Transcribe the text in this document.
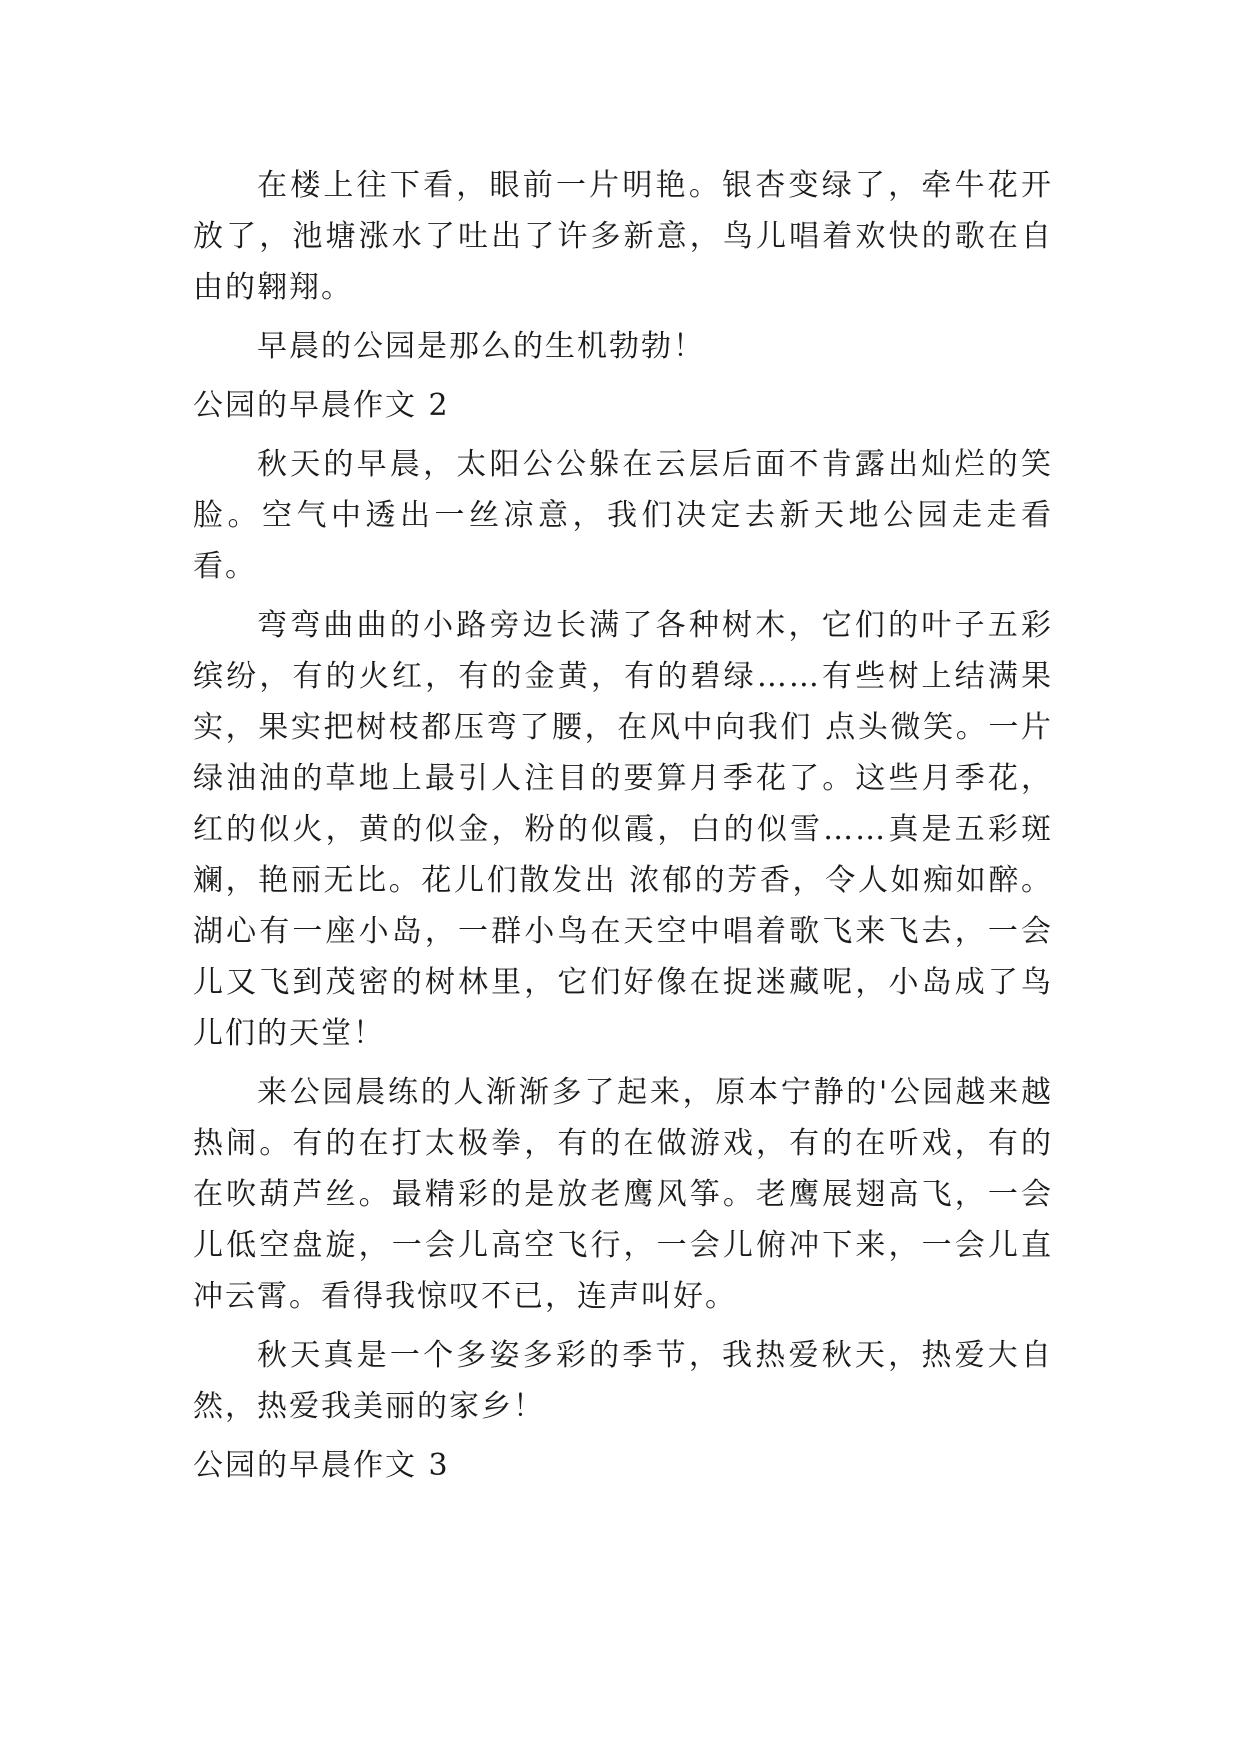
在楼上往下看，眼前一片明艳。银杏变绿了，牵牛花开放了，池塘涨水了吐出了许多新意，鸟儿唱着欢快的歌在自由的翱翔。

早晨的公园是那么的生机勃勃！

公园的早晨作文 2

秋天的早晨，太阳公公躲在云层后面不肯露出灿烂的笑脸。空气中透出一丝凉意，我们决定去新天地公园走走看看。

弯弯曲曲的小路旁边长满了各种树木，它们的叶子五彩缤纷，有的火红，有的金黄，有的碧绿……有些树上结满果实，果实把树枝都压弯了腰，在风中向我们 点头微笑。一片绿油油的草地上最引人注目的要算月季花了。这些月季花，红的似火，黄的似金，粉的似霞，白的似雪……真是五彩斑斓，艳丽无比。花儿们散发出 浓郁的芳香，令人如痴如醉。湖心有一座小岛，一群小鸟在天空中唱着歌飞来飞去，一会儿又飞到茂密的树林里，它们好像在捉迷藏呢，小岛成了鸟儿们的天堂！

来公园晨练的人渐渐多了起来，原本宁静的'公园越来越热闹。有的在打太极拳，有的在做游戏，有的在听戏，有的在吹葫芦丝。最精彩的是放老鹰风筝。老鹰展翅高飞，一会儿低空盘旋，一会儿高空飞行，一会儿俯冲下来，一会儿直冲云霄。看得我惊叹不已，连声叫好。

秋天真是一个多姿多彩的季节，我热爱秋天，热爱大自然，热爱我美丽的家乡！

公园的早晨作文 3
